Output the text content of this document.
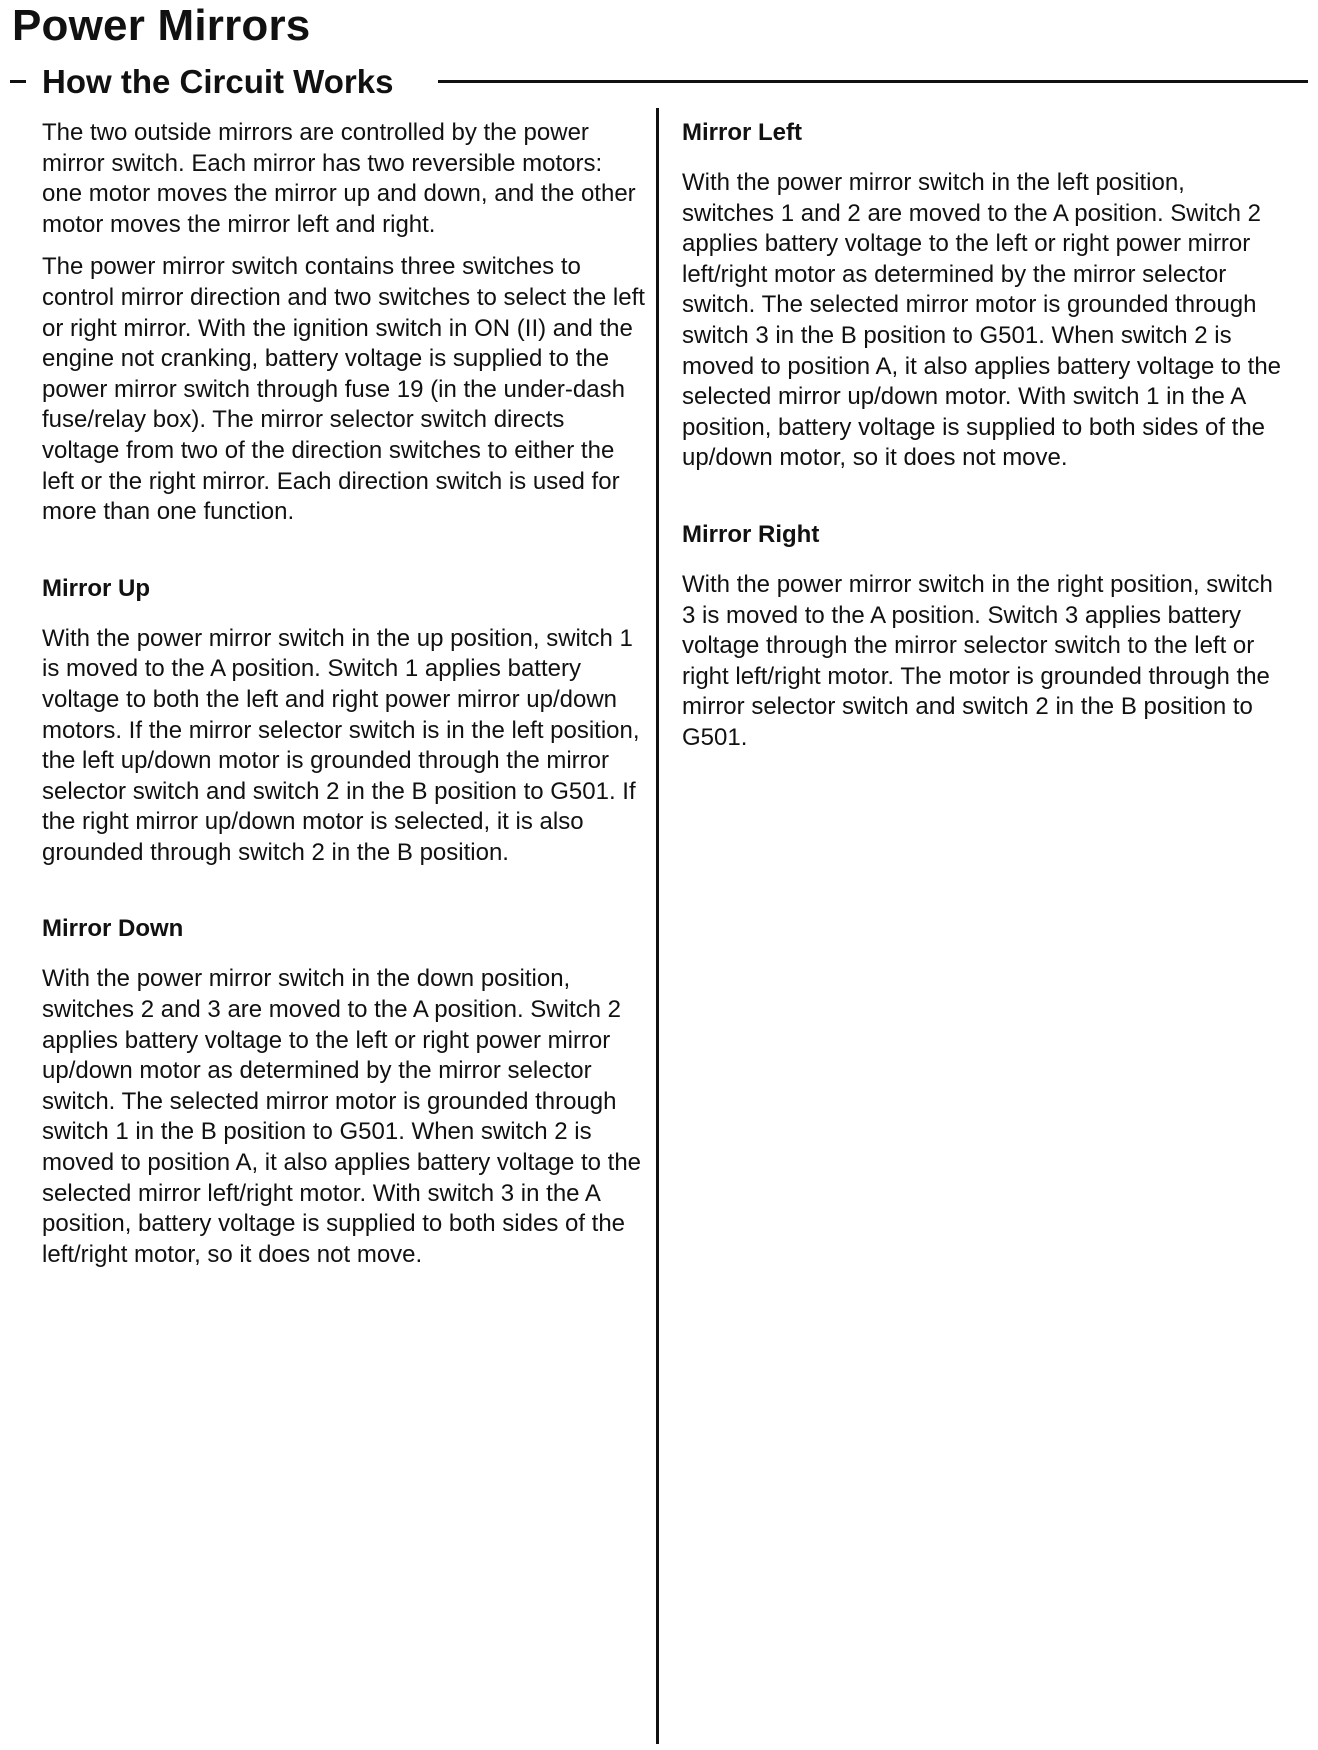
Power Mirrors
How the Circuit Works

The two outside mirrors are controlled by the power mirror switch. Each mirror has two reversible motors: one motor moves the mirror up and down, and the other motor moves the mirror left and right.

The power mirror switch contains three switches to control mirror direction and two switches to select the left or right mirror. With the ignition switch in ON (II) and the engine not cranking, battery voltage is supplied to the power mirror switch through fuse 19 (in the under-dash fuse/relay box). The mirror selector switch directs voltage from two of the direction switches to either the left or the right mirror. Each direction switch is used for more than one function.

Mirror Up

With the power mirror switch in the up position, switch 1 is moved to the A position. Switch 1 applies battery voltage to both the left and right power mirror up/down motors. If the mirror selector switch is in the left position, the left up/down motor is grounded through the mirror selector switch and switch 2 in the B position to G501. If the right mirror up/down motor is selected, it is also grounded through switch 2 in the B position.

Mirror Down

With the power mirror switch in the down position, switches 2 and 3 are moved to the A position. Switch 2 applies battery voltage to the left or right power mirror up/down motor as determined by the mirror selector switch. The selected mirror motor is grounded through switch 1 in the B position to G501. When switch 2 is moved to position A, it also applies battery voltage to the selected mirror left/right motor. With switch 3 in the A position, battery voltage is supplied to both sides of the left/right motor, so it does not move.

Mirror Left

With the power mirror switch in the left position, switches 1 and 2 are moved to the A position. Switch 2 applies battery voltage to the left or right power mirror left/right motor as determined by the mirror selector switch. The selected mirror motor is grounded through switch 3 in the B position to G501. When switch 2 is moved to position A, it also applies battery voltage to the selected mirror up/down motor. With switch 1 in the A position, battery voltage is supplied to both sides of the up/down motor, so it does not move.

Mirror Right

With the power mirror switch in the right position, switch 3 is moved to the A position. Switch 3 applies battery voltage through the mirror selector switch to the left or right left/right motor. The motor is grounded through the mirror selector switch and switch 2 in the B position to G501.
